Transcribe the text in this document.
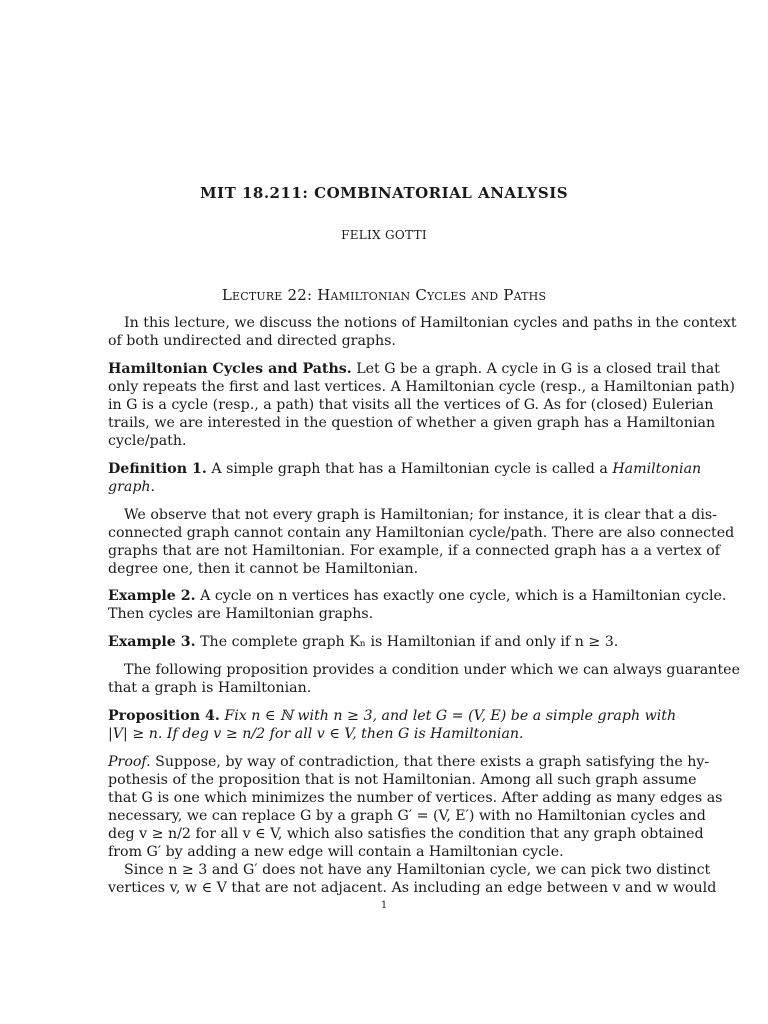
MIT 18.211: COMBINATORIAL ANALYSIS
FELIX GOTTI
Lecture 22: Hamiltonian Cycles and Paths
In this lecture, we discuss the notions of Hamiltonian cycles and paths in the context
of both undirected and directed graphs.
Hamiltonian Cycles and Paths. Let G be a graph. A cycle in G is a closed trail that
only repeats the first and last vertices. A Hamiltonian cycle (resp., a Hamiltonian path)
in G is a cycle (resp., a path) that visits all the vertices of G. As for (closed) Eulerian
trails, we are interested in the question of whether a given graph has a Hamiltonian
cycle/path.
Definition 1. A simple graph that has a Hamiltonian cycle is called a Hamiltonian
graph.
We observe that not every graph is Hamiltonian; for instance, it is clear that a dis-
connected graph cannot contain any Hamiltonian cycle/path. There are also connected
graphs that are not Hamiltonian. For example, if a connected graph has a a vertex of
degree one, then it cannot be Hamiltonian.
Example 2. A cycle on n vertices has exactly one cycle, which is a Hamiltonian cycle.
Then cycles are Hamiltonian graphs.
Example 3. The complete graph Kₙ is Hamiltonian if and only if n ≥ 3.
The following proposition provides a condition under which we can always guarantee
that a graph is Hamiltonian.
Proposition 4. Fix n ∈ ℕ with n ≥ 3, and let G = (V, E) be a simple graph with
|V| ≥ n. If deg v ≥ n/2 for all v ∈ V, then G is Hamiltonian.
Proof. Suppose, by way of contradiction, that there exists a graph satisfying the hy-
pothesis of the proposition that is not Hamiltonian. Among all such graph assume
that G is one which minimizes the number of vertices. After adding as many edges as
necessary, we can replace G by a graph G′ = (V, E′) with no Hamiltonian cycles and
deg v ≥ n/2 for all v ∈ V, which also satisfies the condition that any graph obtained
from G′ by adding a new edge will contain a Hamiltonian cycle.
Since n ≥ 3 and G′ does not have any Hamiltonian cycle, we can pick two distinct
vertices v, w ∈ V that are not adjacent. As including an edge between v and w would
1
